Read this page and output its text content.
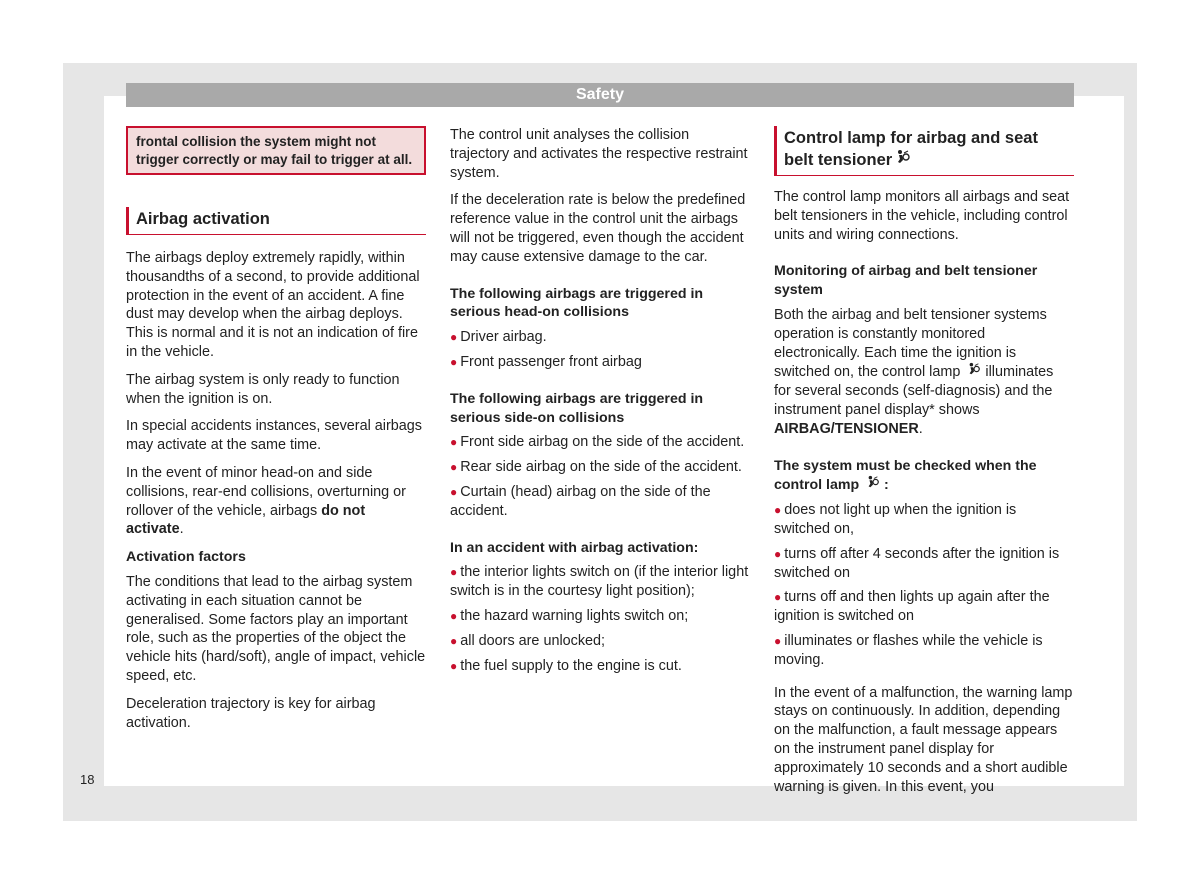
Safety
frontal collision the system might not trigger correctly or may fail to trigger at all.
Airbag activation

The airbags deploy extremely rapidly, within thousandths of a second, to provide additional protection in the event of an accident. A fine dust may develop when the airbag deploys. This is normal and it is not an indication of fire in the vehicle.

The airbag system is only ready to function when the ignition is on.

In special accidents instances, several airbags may activate at the same time.

In the event of minor head-on and side collisions, rear-end collisions, overturning or rollover of the vehicle, airbags do not activate.

Activation factors

The conditions that lead to the airbag system activating in each situation cannot be generalised. Some factors play an important role, such as the properties of the object the vehicle hits (hard/soft), angle of impact, vehicle speed, etc.

Deceleration trajectory is key for airbag activation.

The control unit analyses the collision trajectory and activates the respective restraint system.

If the deceleration rate is below the predefined reference value in the control unit the airbags will not be triggered, even though the accident may cause extensive damage to the car.

The following airbags are triggered in serious head-on collisions
● Driver airbag.
● Front passenger front airbag
The following airbags are triggered in serious side-on collisions
● Front side airbag on the side of the accident.
● Rear side airbag on the side of the accident.
● Curtain (head) airbag on the side of the accident.
In an accident with airbag activation:
● the interior lights switch on (if the interior light switch is in the courtesy light position);
● the hazard warning lights switch on;
● all doors are unlocked;
● the fuel supply to the engine is cut.
Control lamp for airbag and seat belt tensioner

The control lamp monitors all airbags and seat belt tensioners in the vehicle, including control units and wiring connections.

Monitoring of airbag and belt tensioner system

Both the airbag and belt tensioner systems operation is constantly monitored electronically. Each time the ignition is switched on, the control lamp  illuminates for several seconds (self-diagnosis) and the instrument panel display* shows AIRBAG/TENSIONER.

The system must be checked when the control lamp  :
● does not light up when the ignition is switched on,
● turns off after 4 seconds after the ignition is switched on
● turns off and then lights up again after the ignition is switched on
● illuminates or flashes while the vehicle is moving.

In the event of a malfunction, the warning lamp stays on continuously. In addition, depending on the malfunction, a fault message appears on the instrument panel display for approximately 10 seconds and a short audible warning is given. In this event, you

18
